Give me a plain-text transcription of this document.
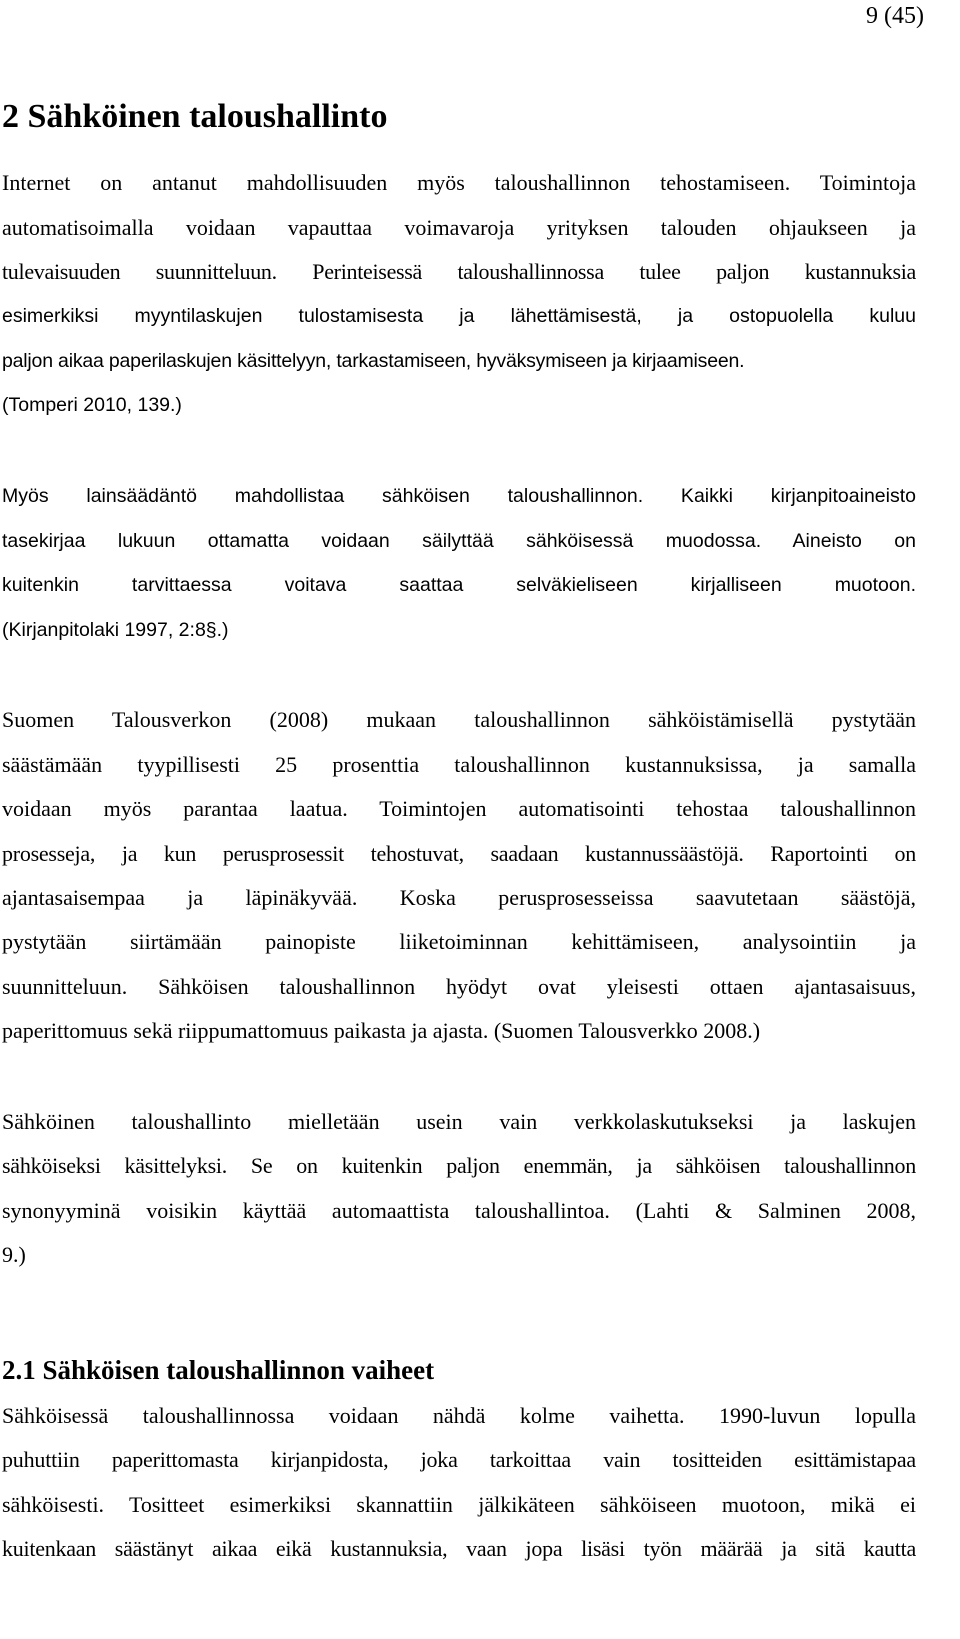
9 (45)
2 Sähköinen taloushallinto
Internet on antanut mahdollisuuden myös taloushallinnon tehostamiseen. Toimintoja
automatisoimalla voidaan vapauttaa voimavaroja yrityksen talouden ohjaukseen ja
tulevaisuuden suunnitteluun. Perinteisessä taloushallinnossa tulee paljon kustannuksia
esimerkiksi myyntilaskujen tulostamisesta ja lähettämisestä, ja ostopuolella kuluu
paljon aikaa paperilaskujen käsittelyyn, tarkastamiseen, hyväksymiseen ja kirjaamiseen.
(Tomperi 2010, 139.)
Myös lainsäädäntö mahdollistaa sähköisen taloushallinnon. Kaikki kirjanpitoaineisto
tasekirjaa lukuun ottamatta voidaan säilyttää sähköisessä muodossa. Aineisto on
kuitenkin tarvittaessa voitava saattaa selväkieliseen kirjalliseen muotoon.
(Kirjanpitolaki 1997, 2:8§.)
Suomen Talousverkon (2008) mukaan taloushallinnon sähköistämisellä pystytään
säästämään tyypillisesti 25 prosenttia taloushallinnon kustannuksissa, ja samalla
voidaan myös parantaa laatua. Toimintojen automatisointi tehostaa taloushallinnon
prosesseja, ja kun perusprosessit tehostuvat, saadaan kustannussäästöjä. Raportointi on
ajantasaisempaa ja läpinäkyvää. Koska perusprosesseissa saavutetaan säästöjä,
pystytään siirtämään painopiste liiketoiminnan kehittämiseen, analysointiin ja
suunnitteluun. Sähköisen taloushallinnon hyödyt ovat yleisesti ottaen ajantasaisuus,
paperittomuus sekä riippumattomuus paikasta ja ajasta. (Suomen Talousverkko 2008.)
Sähköinen taloushallinto mielletään usein vain verkkolaskutukseksi ja laskujen
sähköiseksi käsittelyksi. Se on kuitenkin paljon enemmän, ja sähköisen taloushallinnon
synonyyminä voisikin käyttää automaattista taloushallintoa. (Lahti & Salminen 2008,
9.)
2.1 Sähköisen taloushallinnon vaiheet
Sähköisessä taloushallinnossa voidaan nähdä kolme vaihetta. 1990-luvun lopulla
puhuttiin paperittomasta kirjanpidosta, joka tarkoittaa vain tositteiden esittämistapaa
sähköisesti. Tositteet esimerkiksi skannattiin jälkikäteen sähköiseen muotoon, mikä ei
kuitenkaan säästänyt aikaa eikä kustannuksia, vaan jopa lisäsi työn määrää ja sitä kautta
